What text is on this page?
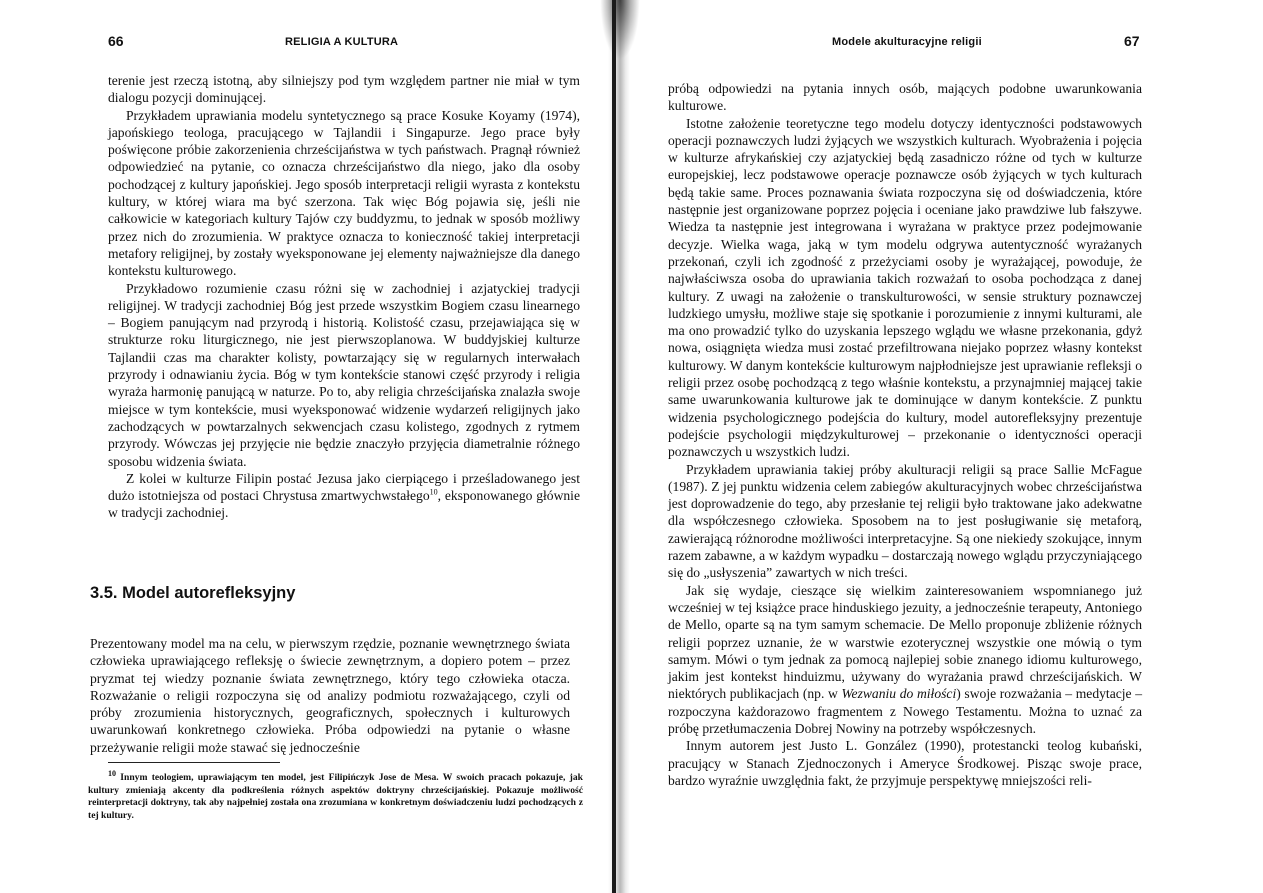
66	RELIGIA A KULTURA

terenie jest rzeczą istotną, aby silniejszy pod tym względem partner nie miał w tym dialogu pozycji dominującej.

Przykładem uprawiania modelu syntetycznego są prace Kosuke Koyamy (1974), japońskiego teologa, pracującego w Tajlandii i Singapurze. Jego prace były poświęcone próbie zakorzenienia chrześcijaństwa w tych państwach. Pragnął również odpowiedzieć na pytanie, co oznacza chrześcijaństwo dla niego, jako dla osoby pochodzącej z kultury japońskiej. Jego sposób interpretacji religii wyrasta z kontekstu kultury, w której wiara ma być szerzona. Tak więc Bóg pojawia się, jeśli nie całkowicie w kategoriach kultury Tajów czy buddyzmu, to jednak w sposób możliwy przez nich do zrozumienia. W praktyce oznacza to konieczność takiej interpretacji metafory religijnej, by zostały wyeksponowane jej elementy najważniejsze dla danego kontekstu kulturowego.

Przykładowo rozumienie czasu różni się w zachodniej i azjatyckiej tradycji religijnej. W tradycji zachodniej Bóg jest przede wszystkim Bogiem czasu linearnego – Bogiem panującym nad przyrodą i historią. Kolistość czasu, przejawiająca się w strukturze roku liturgicznego, nie jest pierwszoplanowa. W buddyjskiej kulturze Tajlandii czas ma charakter kolisty, powtarzający się w regularnych interwałach przyrody i odnawianiu życia. Bóg w tym kontekście stanowi część przyrody i religia wyraża harmonię panującą w naturze. Po to, aby religia chrześcijańska znalazła swoje miejsce w tym kontekście, musi wyeksponować widzenie wydarzeń religijnych jako zachodzących w powtarzalnych sekwencjach czasu kolistego, zgodnych z rytmem przyrody. Wówczas jej przyjęcie nie będzie znaczyło przyjęcia diametralnie różnego sposobu widzenia świata.

Z kolei w kulturze Filipin postać Jezusa jako cierpiącego i prześladowanego jest dużo istotniejsza od postaci Chrystusa zmartwychwstałego$^{10}$, eksponowanego głównie w tradycji zachodniej.

3.5. Model autorefleksyjny

Prezentowany model ma na celu, w pierwszym rzędzie, poznanie wewnętrznego świata człowieka uprawiającego refleksję o świecie zewnętrznym, a dopiero potem – przez pryzmat tej wiedzy poznanie świata zewnętrznego, który tego człowieka otacza. Rozważanie o religii rozpoczyna się od analizy podmiotu rozważającego, czyli od próby zrozumienia historycznych, geograficznych, społecznych i kulturowych uwarunkowań konkretnego człowieka. Próba odpowiedzi na pytanie o własne przeżywanie religii może stawać się jednocześnie

$^{10}$ Innym teologiem, uprawiającym ten model, jest Filipińczyk Jose de Mesa. W swoich pracach pokazuje, jak kultury zmieniają akcenty dla podkreślenia różnych aspektów doktryny chrześcijańskiej. Pokazuje możliwość reinterpretacji doktryny, tak aby najpełniej została ona zrozumiana w konkretnym doświadczeniu ludzi pochodzących z tej kultury.
Modele akulturacyjne religii	67

próbą odpowiedzi na pytania innych osób, mających podobne uwarunkowania kulturowe.

Istotne założenie teoretyczne tego modelu dotyczy identyczności podstawowych operacji poznawczych ludzi żyjących we wszystkich kulturach. Wyobrażenia i pojęcia w kulturze afrykańskiej czy azjatyckiej będą zasadniczo różne od tych w kulturze europejskiej, lecz podstawowe operacje poznawcze osób żyjących w tych kulturach będą takie same. Proces poznawania świata rozpoczyna się od doświadczenia, które następnie jest organizowane poprzez pojęcia i oceniane jako prawdziwe lub fałszywe. Wiedza ta następnie jest integrowana i wyrażana w praktyce przez podejmowanie decyzje. Wielka waga, jaką w tym modelu odgrywa autentyczność wyrażanych przekonań, czyli ich zgodność z przeżyciami osoby je wyrażającej, powoduje, że najwłaściwsza osoba do uprawiania takich rozważań to osoba pochodząca z danej kultury. Z uwagi na założenie o transkulturowości, w sensie struktury poznawczej ludzkiego umysłu, możliwe staje się spotkanie i porozumienie z innymi kulturami, ale ma ono prowadzić tylko do uzyskania lepszego wglądu we własne przekonania, gdyż nowa, osiągnięta wiedza musi zostać przefiltrowana niejako poprzez własny kontekst kulturowy. W danym kontekście kulturowym najpłodniejsze jest uprawianie refleksji o religii przez osobę pochodzącą z tego właśnie kontekstu, a przynajmniej mającej takie same uwarunkowania kulturowe jak te dominujące w danym kontekście. Z punktu widzenia psychologicznego podejścia do kultury, model autorefleksyjny prezentuje podejście psychologii międzykulturowej – przekonanie o identyczności operacji poznawczych u wszystkich ludzi.

Przykładem uprawiania takiej próby akulturacji religii są prace Sallie McFague (1987). Z jej punktu widzenia celem zabiegów akulturacyjnych wobec chrześcijaństwa jest doprowadzenie do tego, aby przesłanie tej religii było traktowane jako adekwatne dla współczesnego człowieka. Sposobem na to jest posługiwanie się metaforą, zawierającą różnorodne możliwości interpretacyjne. Są one niekiedy szokujące, innym razem zabawne, a w każdym wypadku – dostarczają nowego wglądu przyczyniającego się do „usłyszenia” zawartych w nich treści.

Jak się wydaje, cieszące się wielkim zainteresowaniem wspomnianego już wcześniej w tej książce prace hinduskiego jezuity, a jednocześnie terapeuty, Antoniego de Mello, oparte są na tym samym schemacie. De Mello proponuje zbliżenie różnych religii poprzez uznanie, że w warstwie ezoterycznej wszystkie one mówią o tym samym. Mówi o tym jednak za pomocą najlepiej sobie znanego idiomu kulturowego, jakim jest kontekst hinduizmu, używany do wyrażania prawd chrześcijańskich. W niektórych publikacjach (np. w Wezwaniu do miłości) swoje rozważania – medytacje – rozpoczyna każdorazowo fragmentem z Nowego Testamentu. Można to uznać za próbę przetłumaczenia Dobrej Nowiny na potrzeby współczesnych.

Innym autorem jest Justo L. González (1990), protestancki teolog kubański, pracujący w Stanach Zjednoczonych i Ameryce Środkowej. Pisząc swoje prace, bardzo wyraźnie uwzględnia fakt, że przyjmuje perspektywę mniejszości reli-
